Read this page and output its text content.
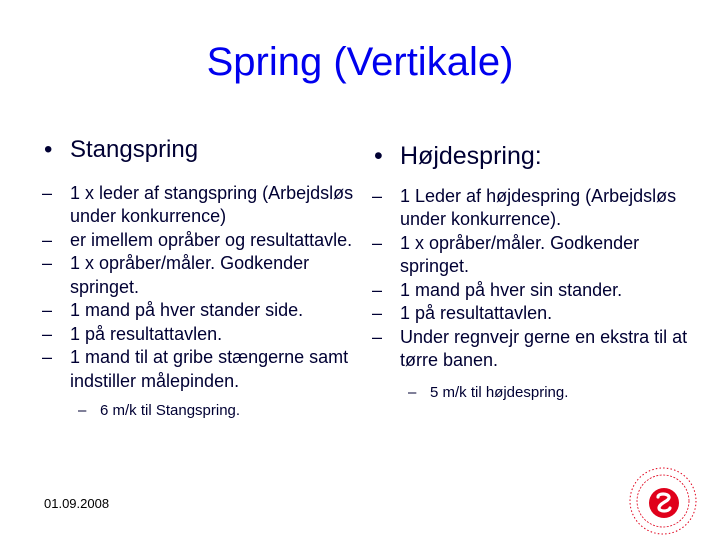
Spring (Vertikale)
• Stangspring
– 1 x leder af stangspring (Arbejdsløs under konkurrence)
– er imellem opråber og resultattavle.
– 1 x opråber/måler. Godkender springet.
– 1 mand på hver stander side.
– 1 på resultattavlen.
– 1 mand til at gribe stængerne samt indstiller målepinden.
– 6 m/k til Stangspring.
• Højdespring:
– 1 Leder af højdespring (Arbejdsløs under konkurrence).
– 1 x opråber/måler. Godkender springet.
– 1 mand på hver sin stander.
– 1 på resultattavlen.
– Under regnvejr gerne en ekstra til at tørre banen.
– 5 m/k til højdespring.
01.09.2008
